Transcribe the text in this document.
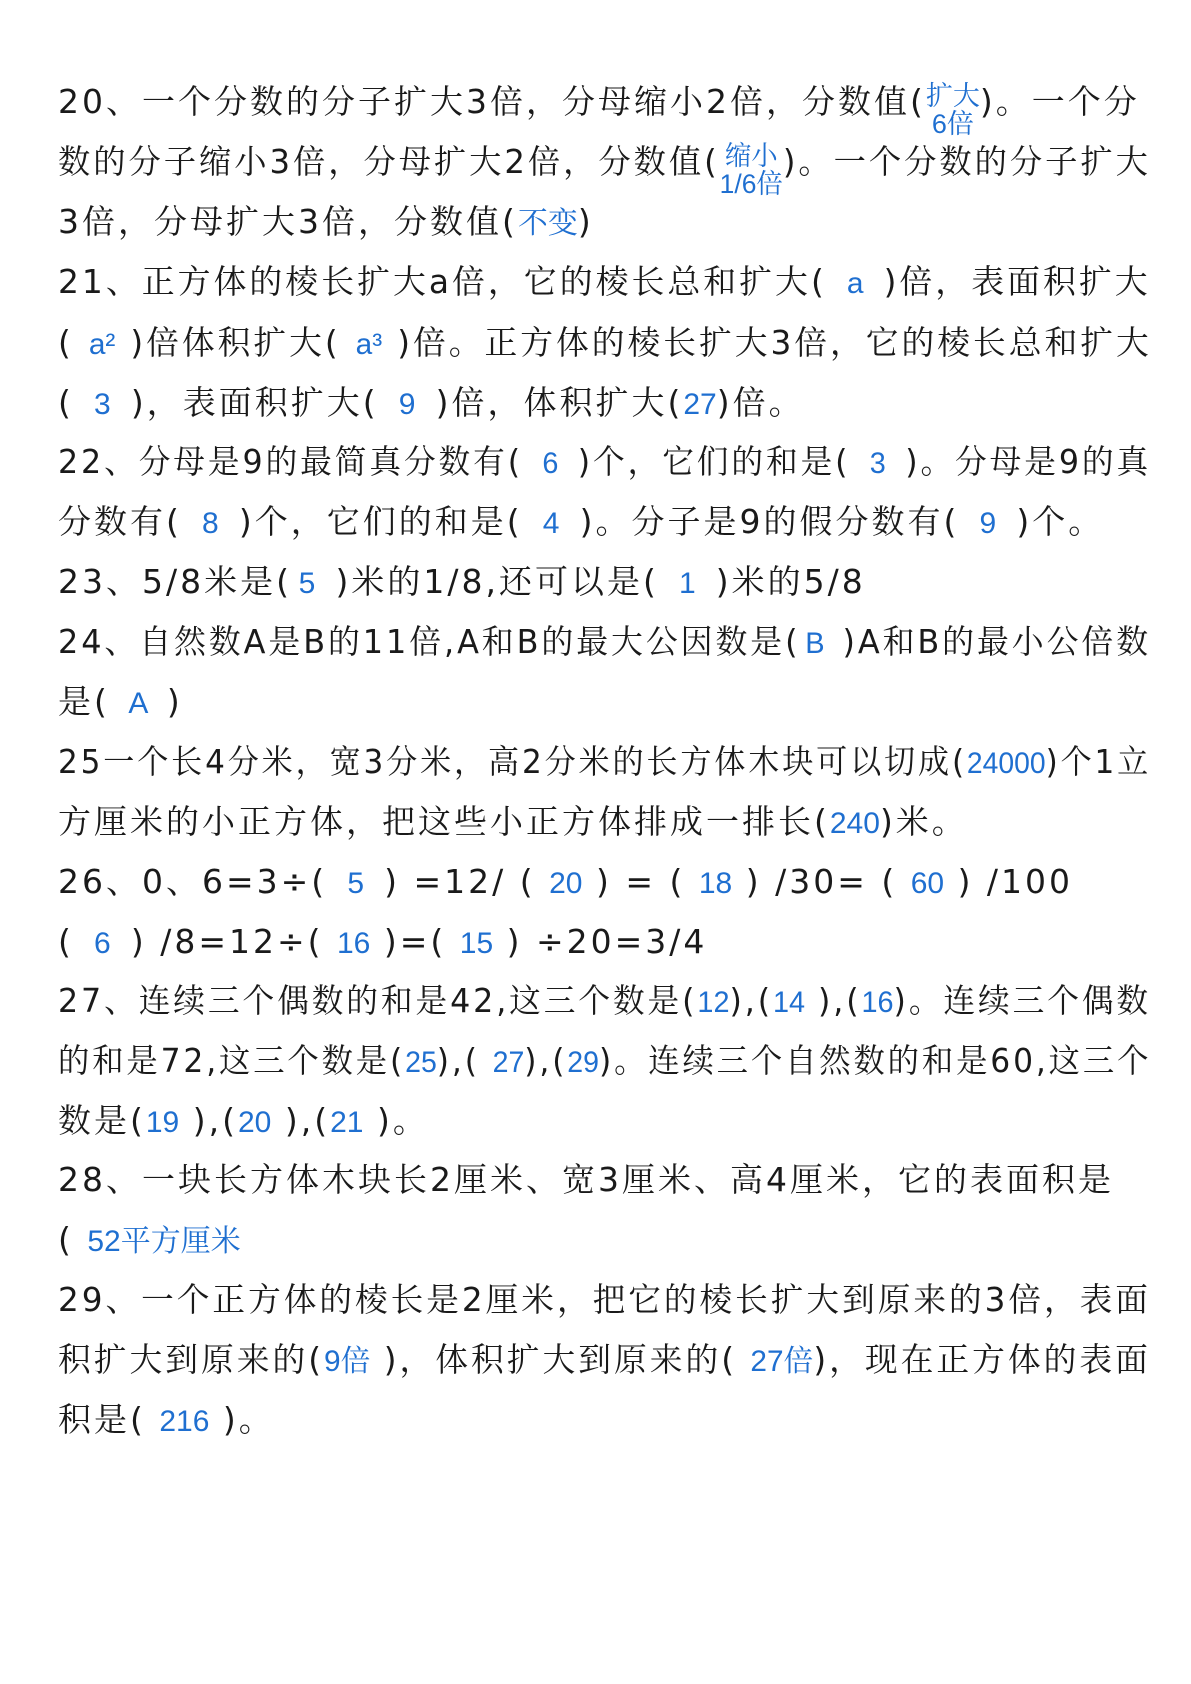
20、一个分数的分子扩大3倍，分母缩小2倍，分数值( 扩大
6倍
)。一个分
数的分子缩小3倍，分母扩大2倍，分数值( 缩小
1/6倍
)。一个分数的分子扩大
3倍，分母扩大3倍，分数值(不变)
21、正方体的棱长扩大a倍，它的棱长总和扩大( a )倍，表面积扩大
( a² )倍体积扩大( a³ )倍。正方体的棱长扩大3倍，它的棱长总和扩大
( 3 )，表面积扩大( 9 )倍，体积扩大(27)倍。
22、分母是9的最简真分数有( 6 )个，它们的和是( 3 )。分母是9的真
分数有( 8 )个，它们的和是( 4 )。分子是9的假分数有( 9 )个。
23、5/8米是( 5 )米的1/8,还可以是( 1 )米的5/8
24、自然数A是B的11倍,A和B的最大公因数是( B )A和B的最小公倍数
是( A )
25一个长4分米，宽3分米，高2分米的长方体木块可以切成(24000)个1立
方厘米的小正方体，把这些小正方体排成一排长(240)米。
26、0、6=3÷( 5 ) =12/ ( 20 ) = ( 18 ) /30= ( 60 ) /100
( 6 ) /8=12÷( 16 )=( 15 ) ÷20=3/4
27、连续三个偶数的和是42,这三个数是(12),(14 ),(16)。连续三个偶数
的和是72,这三个数是(25),( 27),(29)。连续三个自然数的和是60,这三个
数是(19 ),(20 ),(21 )。
28、一块长方体木块长2厘米、宽3厘米、高4厘米，它的表面积是
( 52平方厘米
29、一个正方体的棱长是2厘米，把它的棱长扩大到原来的3倍，表面
积扩大到原来的(9倍 )，体积扩大到原来的( 27倍)，现在正方体的表面
积是( 216 )。
